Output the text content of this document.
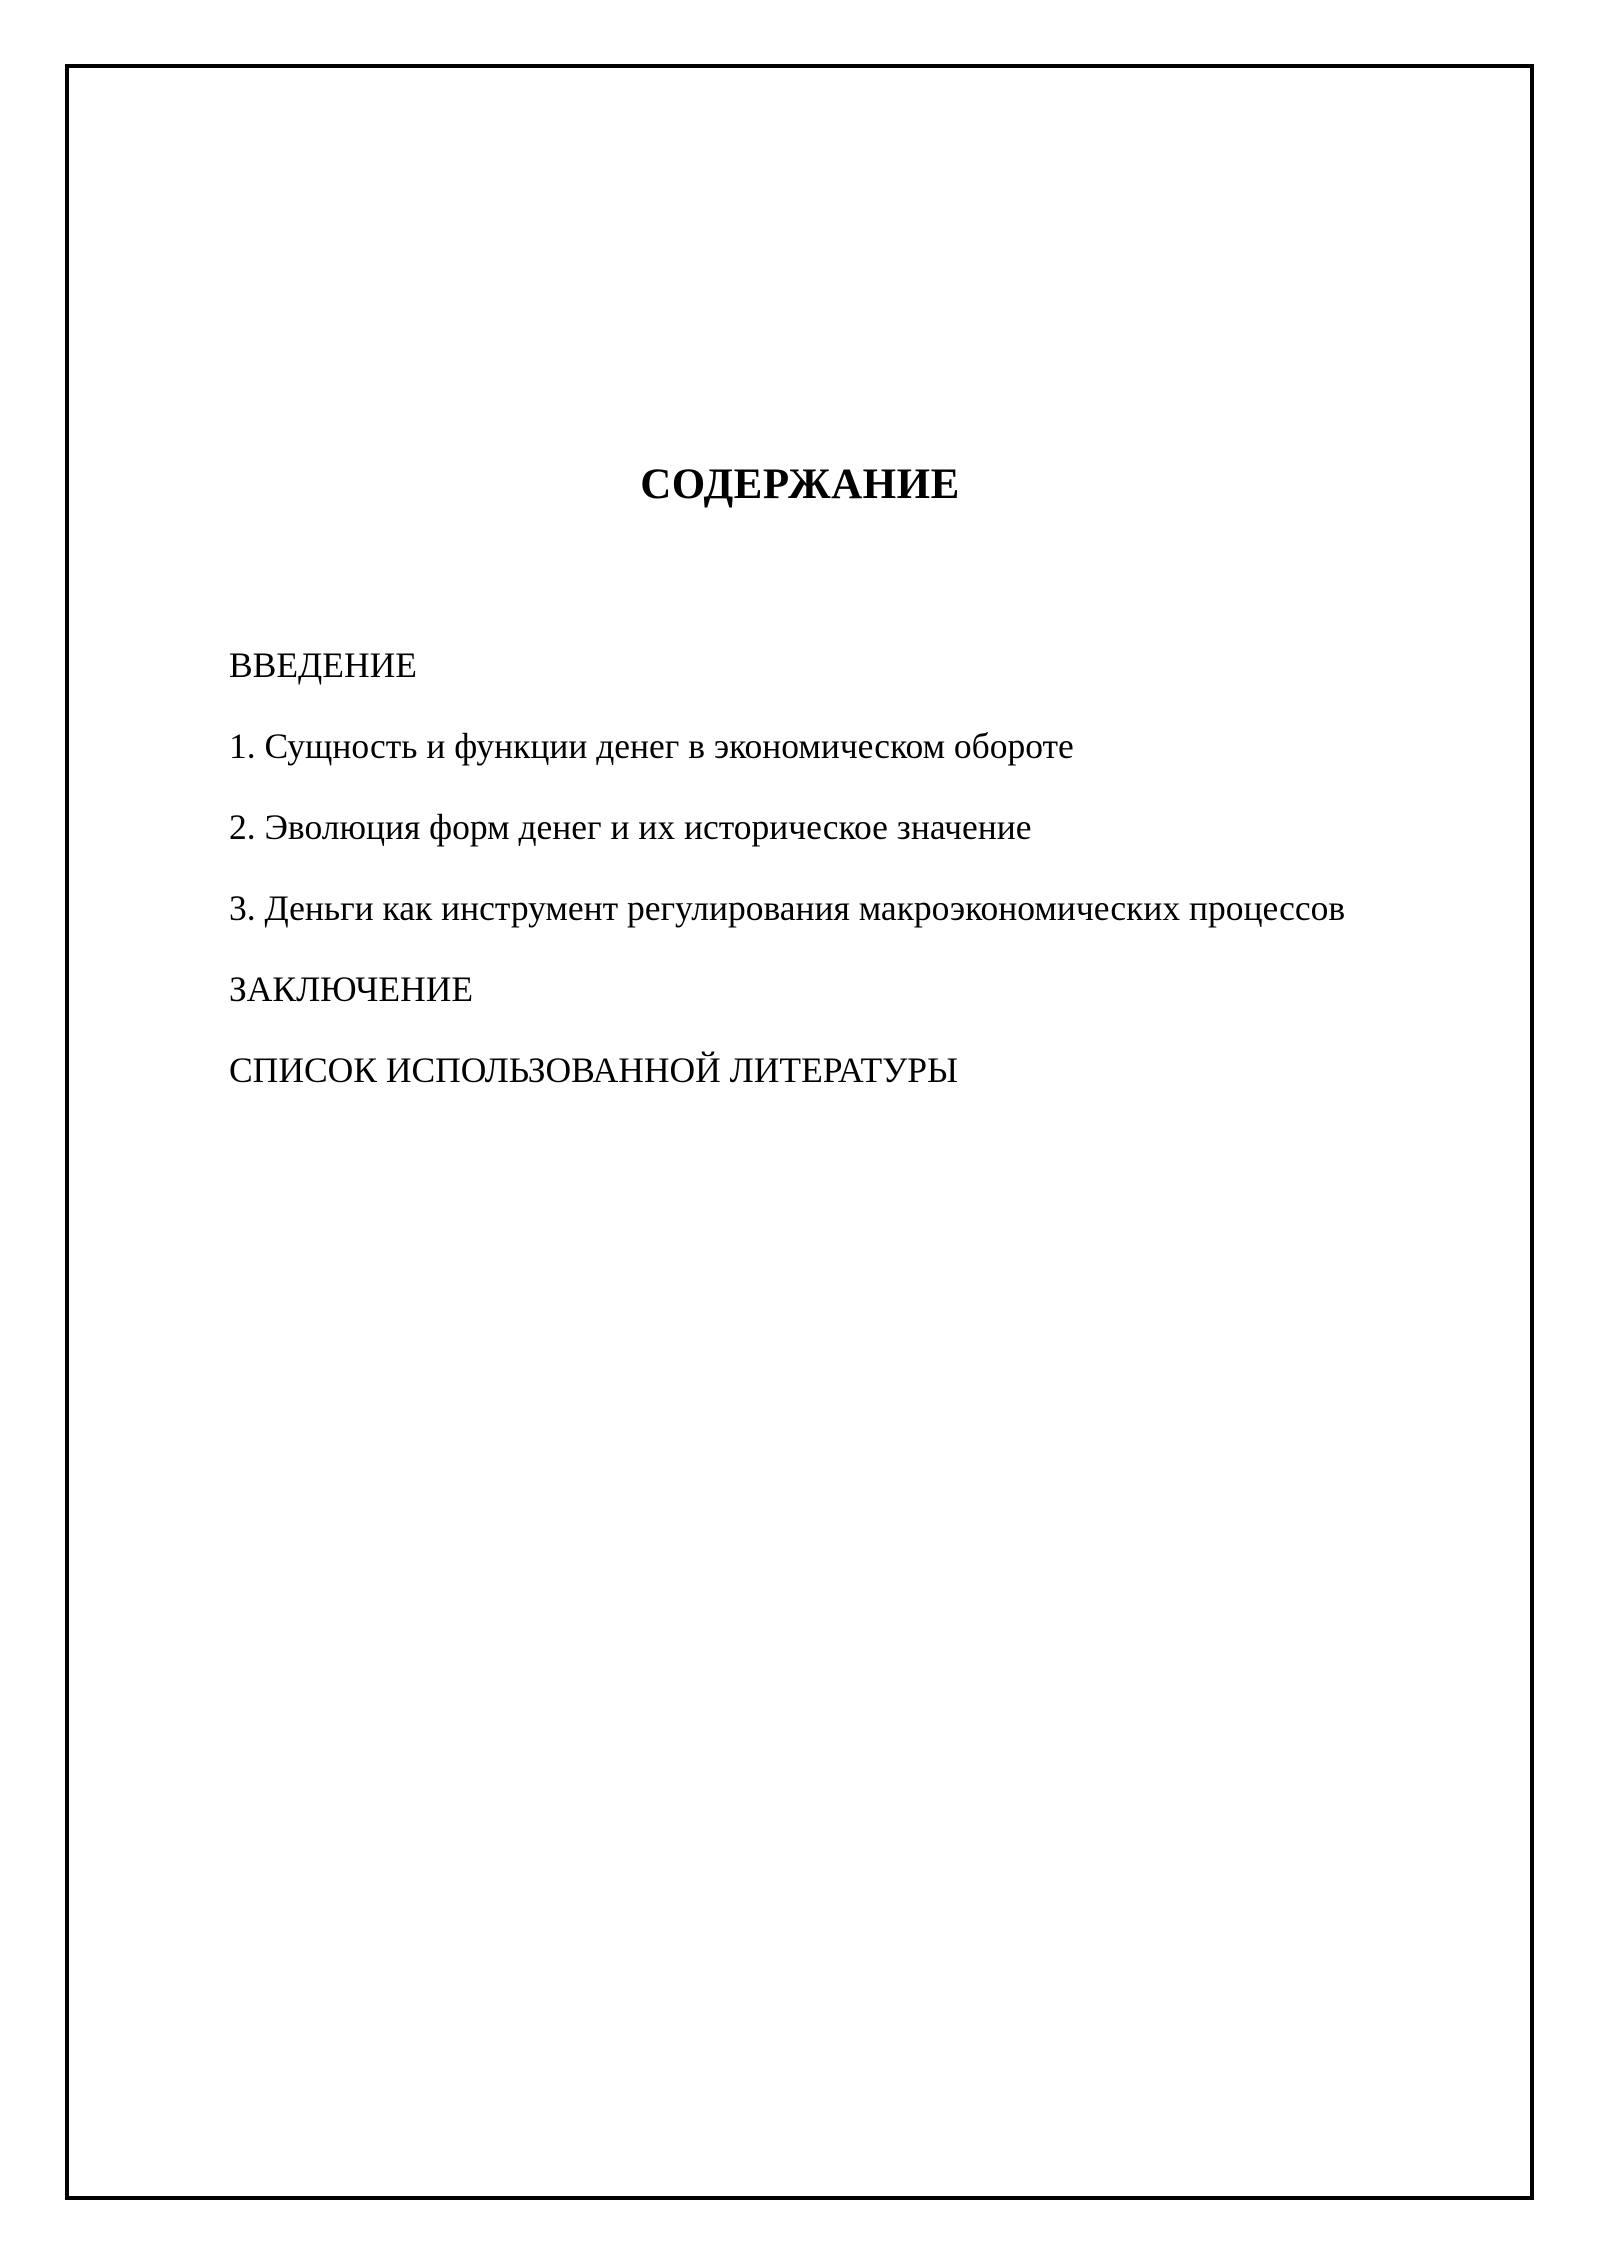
СОДЕРЖАНИЕ
ВВЕДЕНИЕ
1. Сущность и функции денег в экономическом обороте
2. Эволюция форм денег и их историческое значение
3. Деньги как инструмент регулирования макроэкономических процессов
ЗАКЛЮЧЕНИЕ
СПИСОК ИСПОЛЬЗОВАННОЙ ЛИТЕРАТУРЫ
